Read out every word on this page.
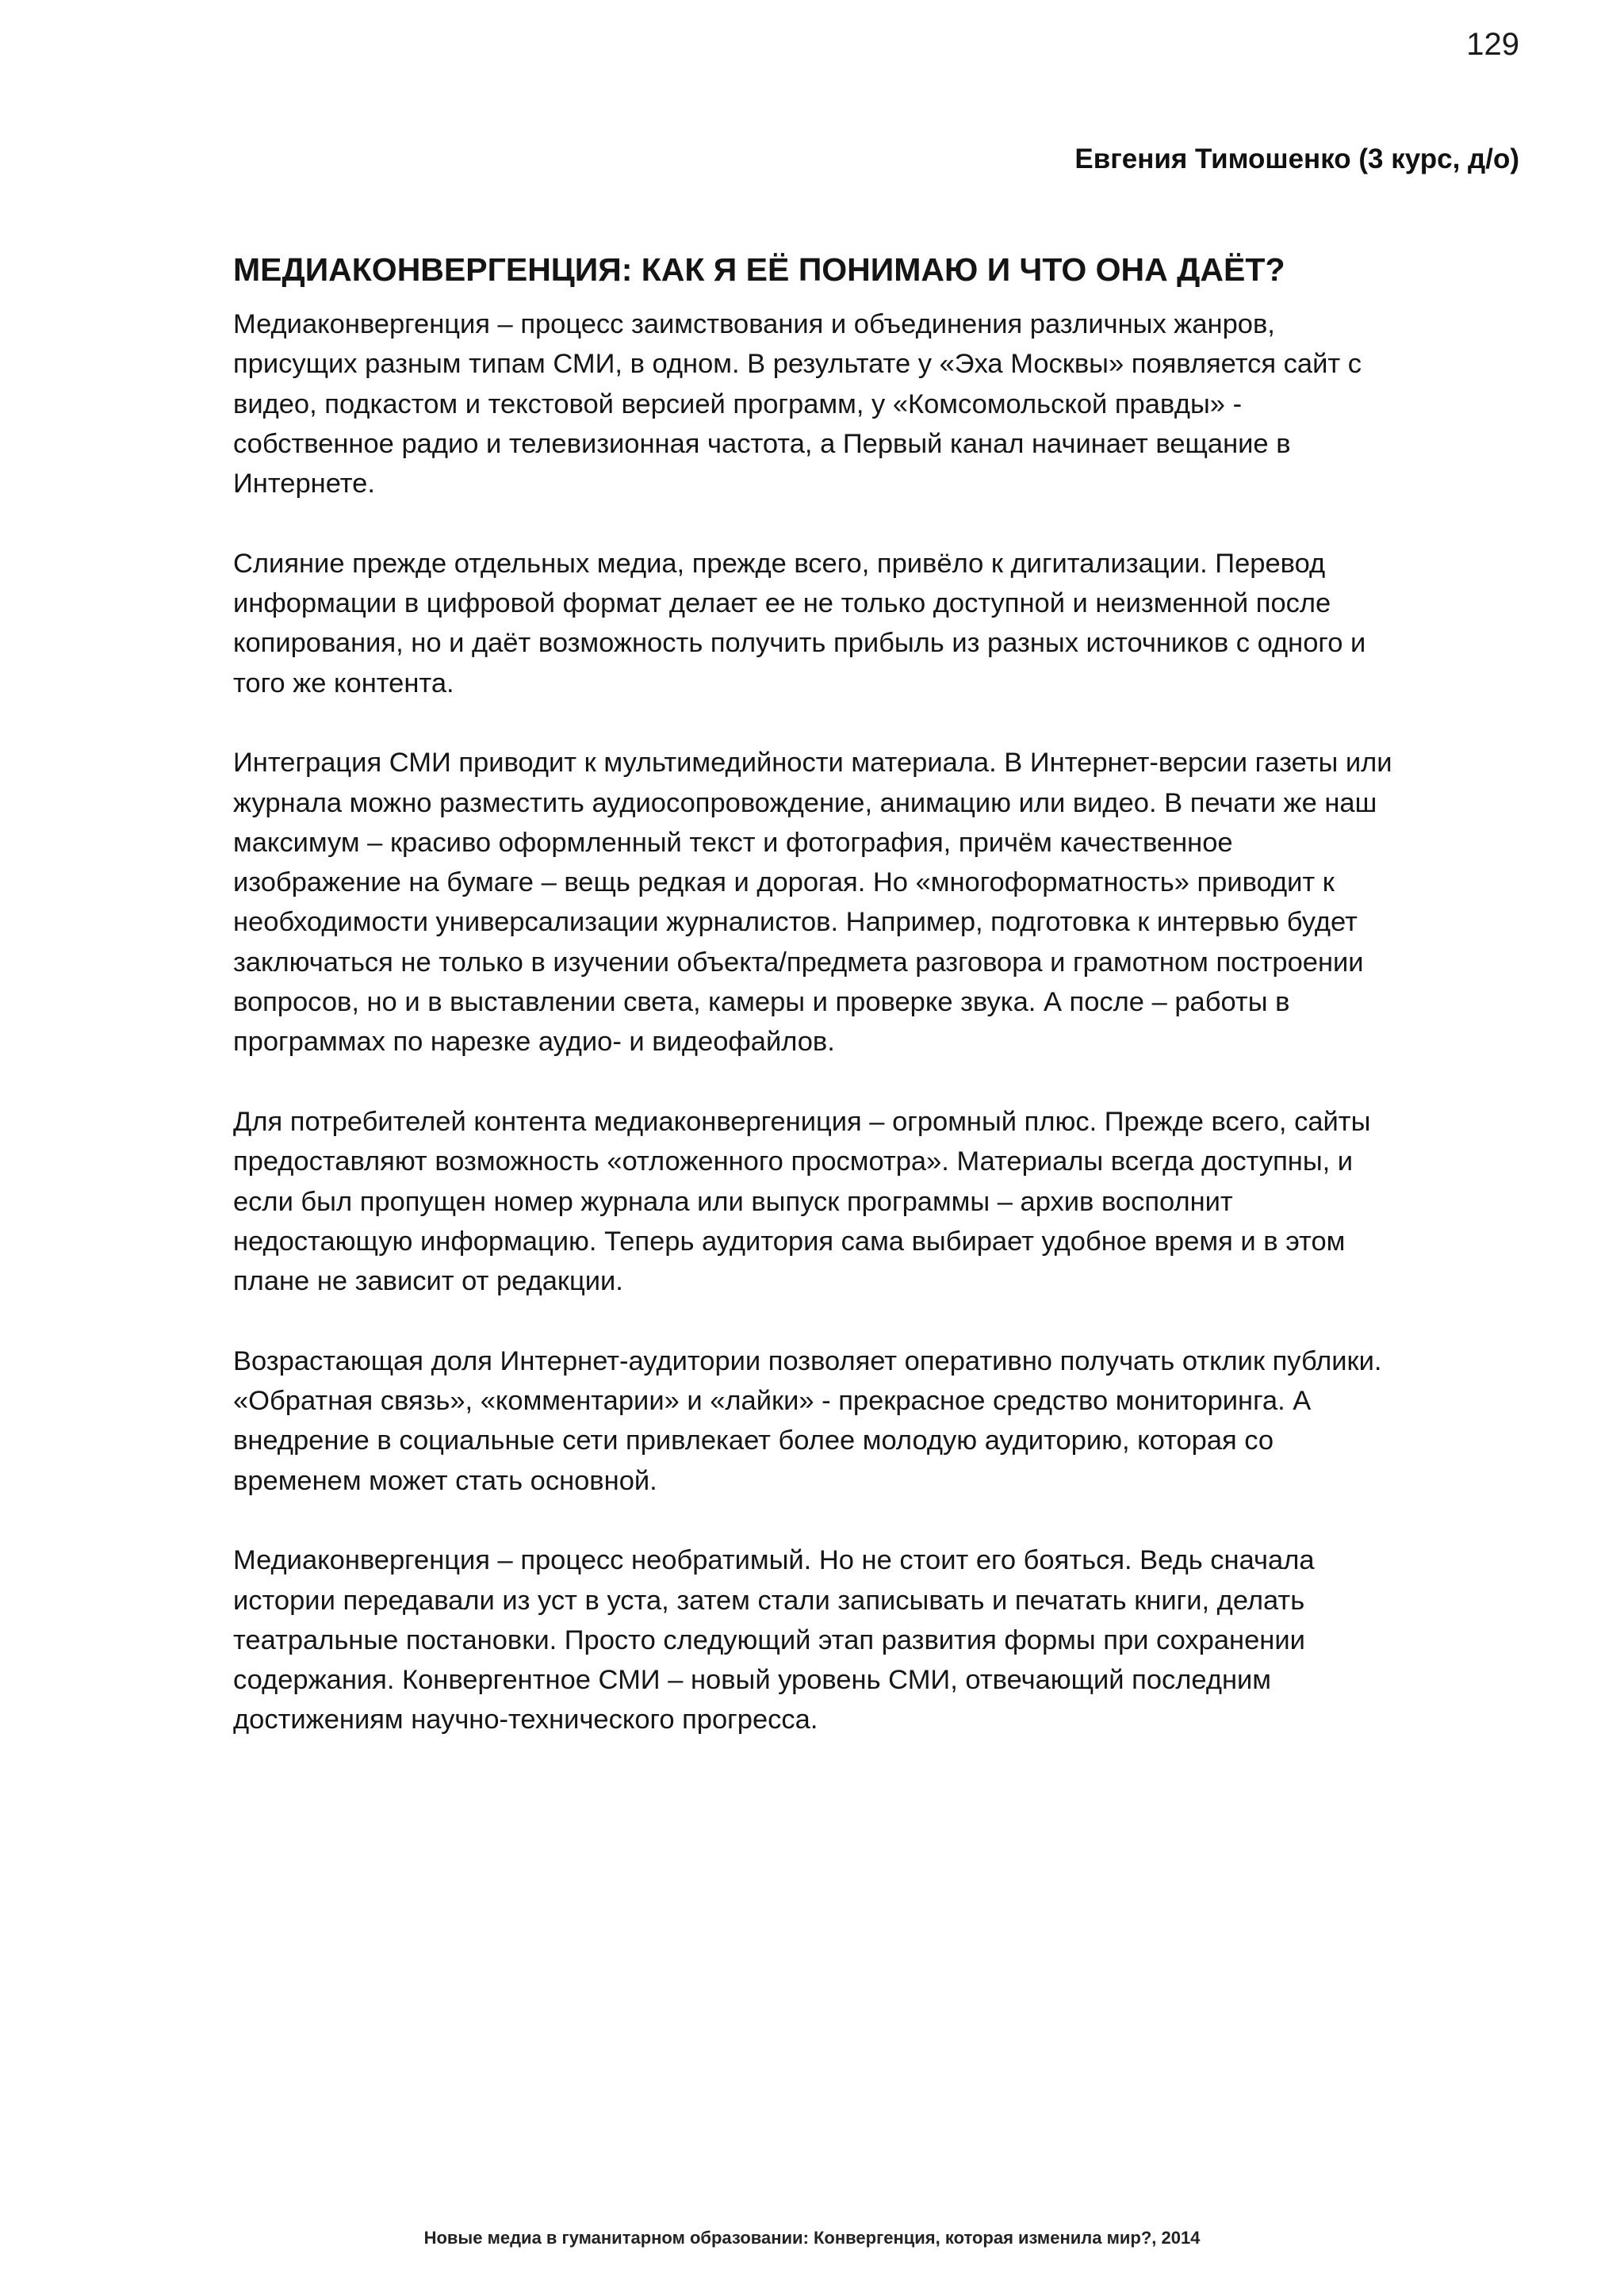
129
Евгения Тимошенко (3 курс, д/о)
МЕДИАКОНВЕРГЕНЦИЯ: КАК Я ЕЁ ПОНИМАЮ И ЧТО ОНА ДАЁТ?
Медиаконвергенция – процесс заимствования и объединения различных жанров,
присущих разным типам СМИ, в одном. В результате у «Эха Москвы» появляется сайт с
видео, подкастом и текстовой версией программ, у «Комсомольской правды» -
собственное радио и телевизионная частота, а Первый канал начинает вещание в
Интернете.
Слияние прежде отдельных медиа, прежде всего, привёло к дигитализации. Перевод
информации в цифровой формат делает ее не только доступной и неизменной после
копирования, но и даёт возможность получить прибыль из разных источников с одного и
того же контента.
Интеграция СМИ приводит к мультимедийности материала. В Интернет-версии газеты или
журнала можно разместить аудиосопровождение, анимацию или видео. В печати же наш
максимум – красиво оформленный текст и фотография, причём качественное
изображение на бумаге – вещь редкая и дорогая. Но «многоформатность» приводит к
необходимости универсализации журналистов. Например, подготовка к интервью будет
заключаться не только в изучении объекта/предмета разговора и грамотном построении
вопросов, но и в выставлении света, камеры и проверке звука. А после – работы в
программах по нарезке аудио- и видеофайлов.
Для потребителей контента медиаконвергениция – огромный плюс. Прежде всего, сайты
предоставляют возможность «отложенного просмотра». Материалы всегда доступны, и
если был пропущен номер журнала или выпуск программы – архив восполнит
недостающую информацию. Теперь аудитория сама выбирает удобное время и в этом
плане не зависит от редакции.
Возрастающая доля Интернет-аудитории позволяет оперативно получать отклик публики.
«Обратная связь», «комментарии» и «лайки» - прекрасное средство мониторинга. А
внедрение в социальные сети привлекает более молодую аудиторию, которая со
временем может стать основной.
Медиаконвергенция – процесс необратимый. Но не стоит его бояться. Ведь сначала
истории передавали из уст в уста, затем стали записывать и печатать книги, делать
театральные постановки. Просто следующий этап развития формы при сохранении
содержания. Конвергентное СМИ – новый уровень СМИ, отвечающий последним
достижениям научно-технического прогресса.
Новые медиа в гуманитарном образовании: Конвергенция, которая изменила мир?, 2014
